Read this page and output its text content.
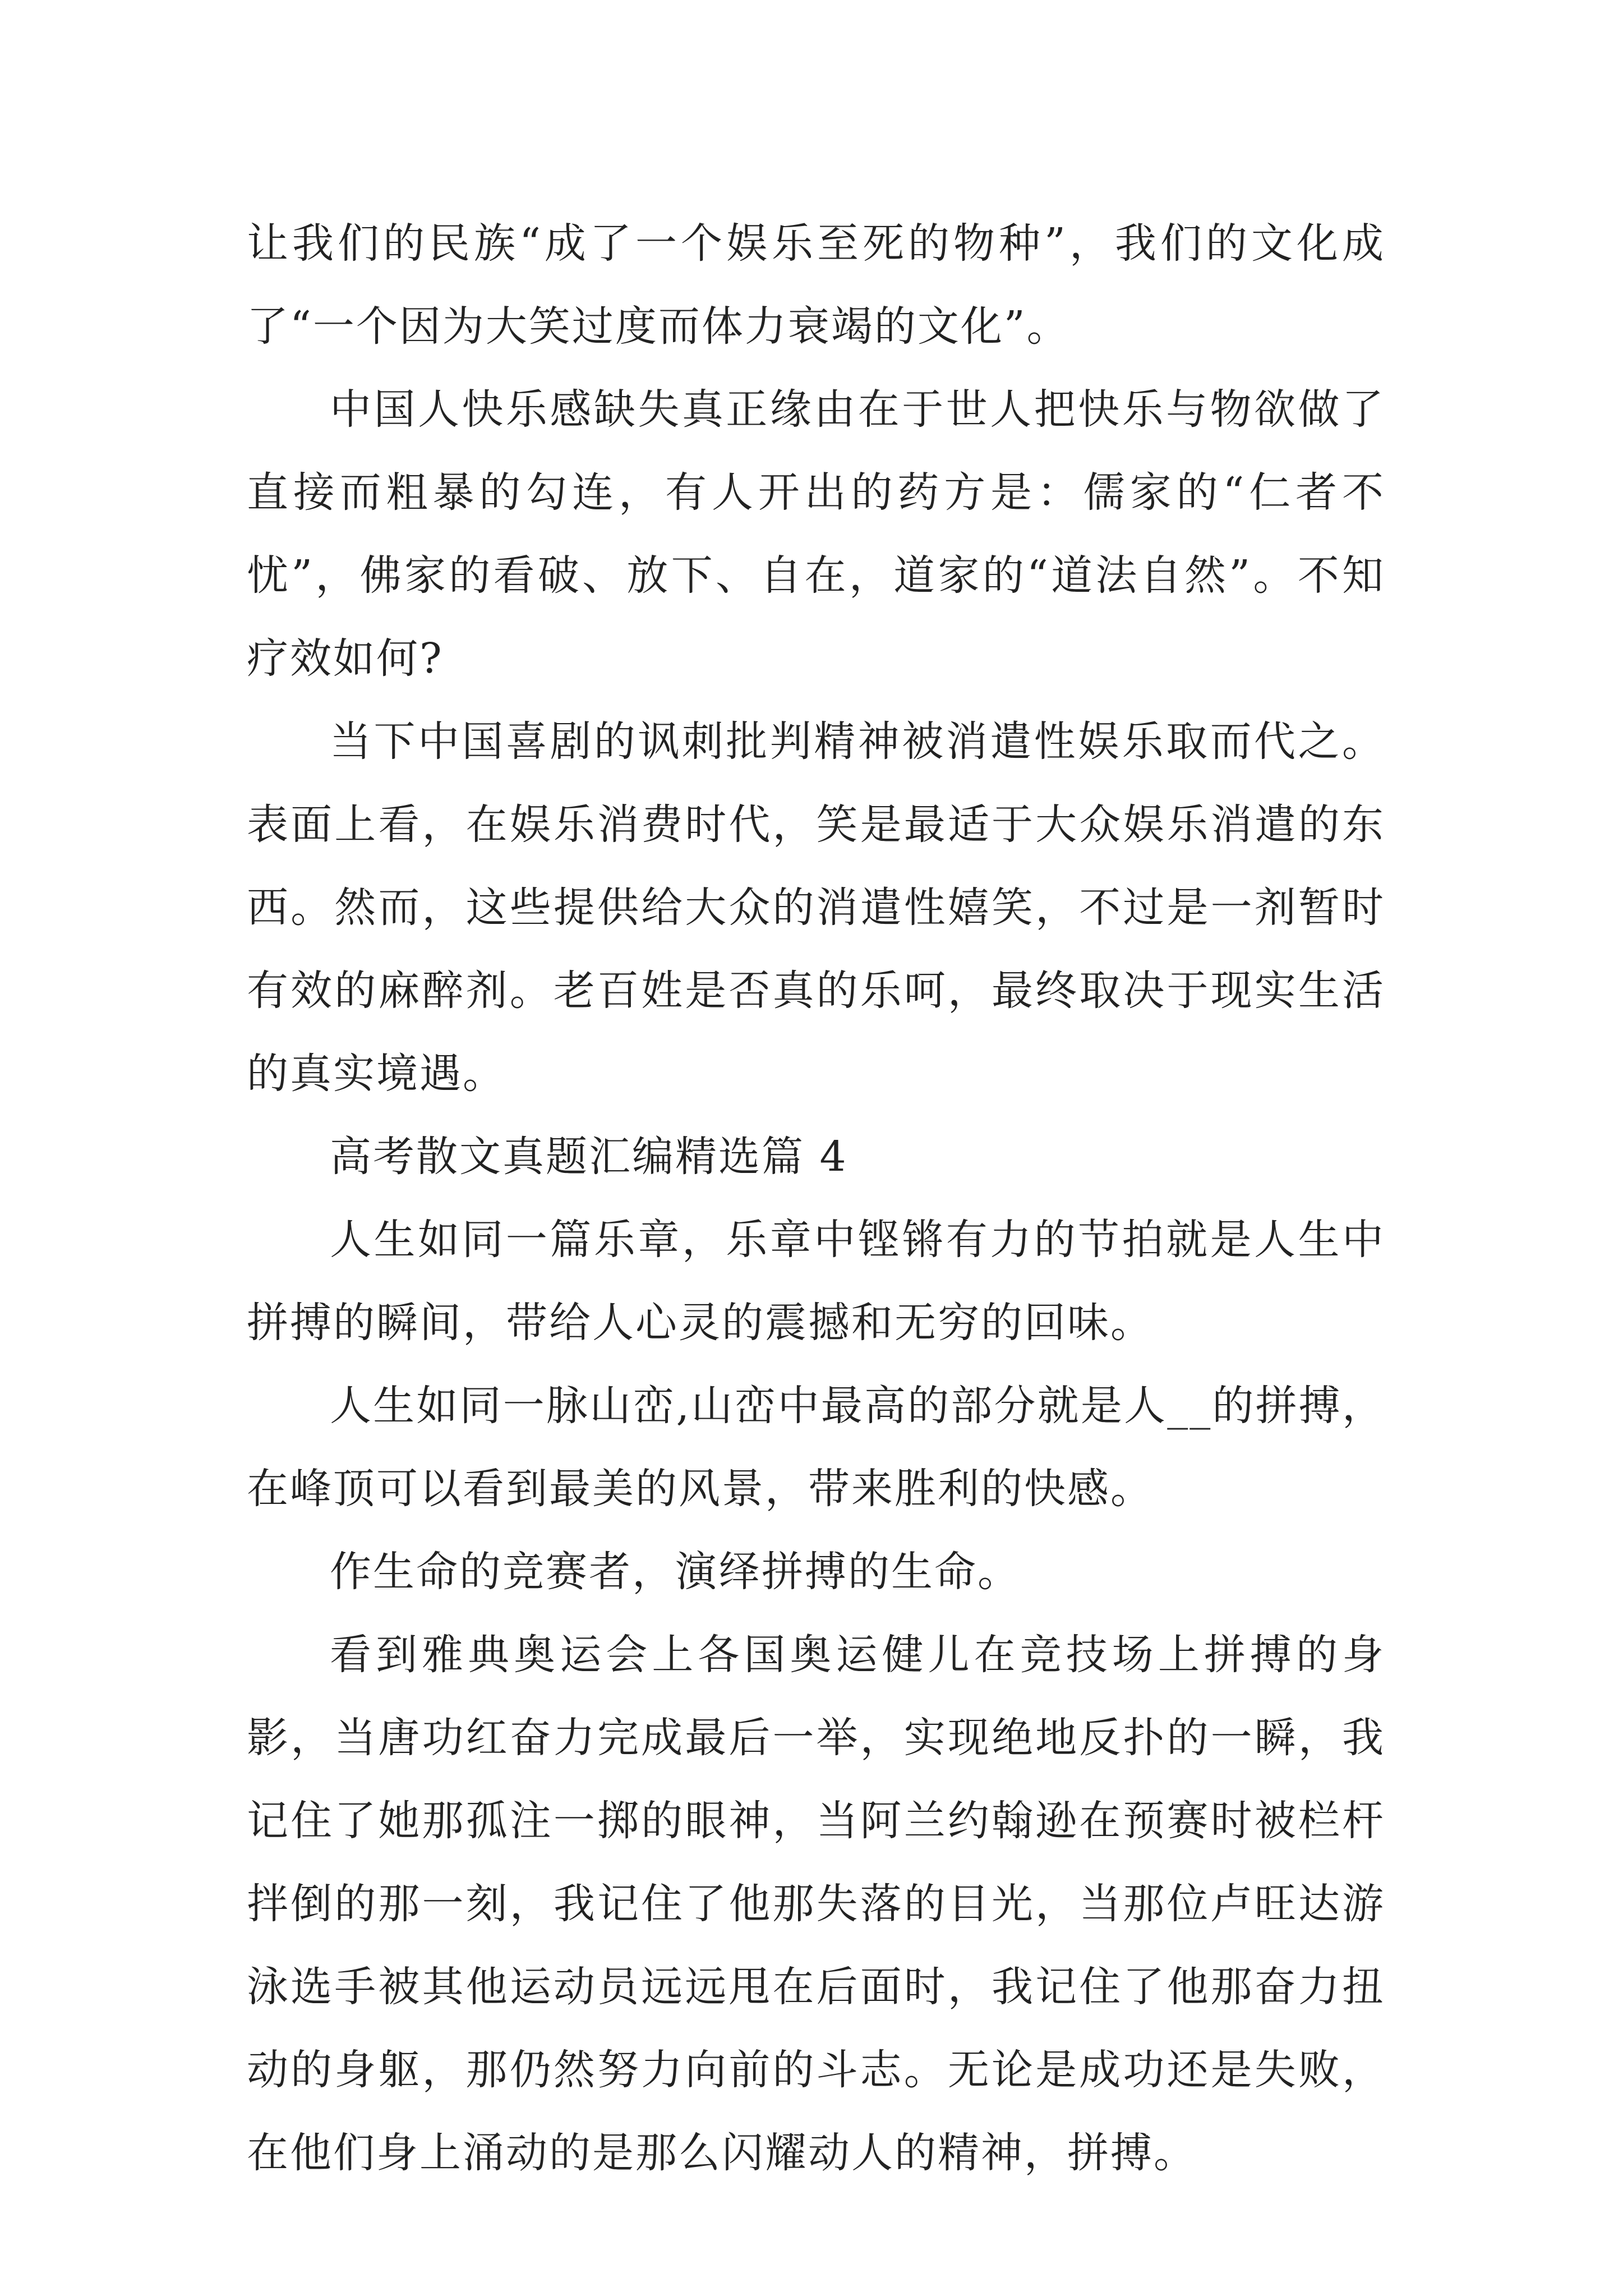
让我们的民族“成了一个娱乐至死的物种”，我们的文化成了“一个因为大笑过度而体力衰竭的文化”。

中国人快乐感缺失真正缘由在于世人把快乐与物欲做了直接而粗暴的勾连，有人开出的药方是：儒家的“仁者不忧”，佛家的看破、放下、自在，道家的“道法自然”。不知疗效如何?

当下中国喜剧的讽刺批判精神被消遣性娱乐取而代之。表面上看，在娱乐消费时代，笑是最适于大众娱乐消遣的东西。然而，这些提供给大众的消遣性嬉笑，不过是一剂暂时有效的麻醉剂。老百姓是否真的乐呵，最终取决于现实生活的真实境遇。

高考散文真题汇编精选篇 4

人生如同一篇乐章，乐章中铿锵有力的节拍就是人生中拼搏的瞬间，带给人心灵的震撼和无穷的回味。

人生如同一脉山峦,山峦中最高的部分就是人__的拼搏，在峰顶可以看到最美的风景，带来胜利的快感。

作生命的竞赛者，演绎拼搏的生命。

看到雅典奥运会上各国奥运健儿在竞技场上拼搏的身影，当唐功红奋力完成最后一举，实现绝地反扑的一瞬，我记住了她那孤注一掷的眼神，当阿兰约翰逊在预赛时被栏杆拌倒的那一刻，我记住了他那失落的目光，当那位卢旺达游泳选手被其他运动员远远甩在后面时，我记住了他那奋力扭动的身躯，那仍然努力向前的斗志。无论是成功还是失败，在他们身上涌动的是那么闪耀动人的精神，拼搏。
